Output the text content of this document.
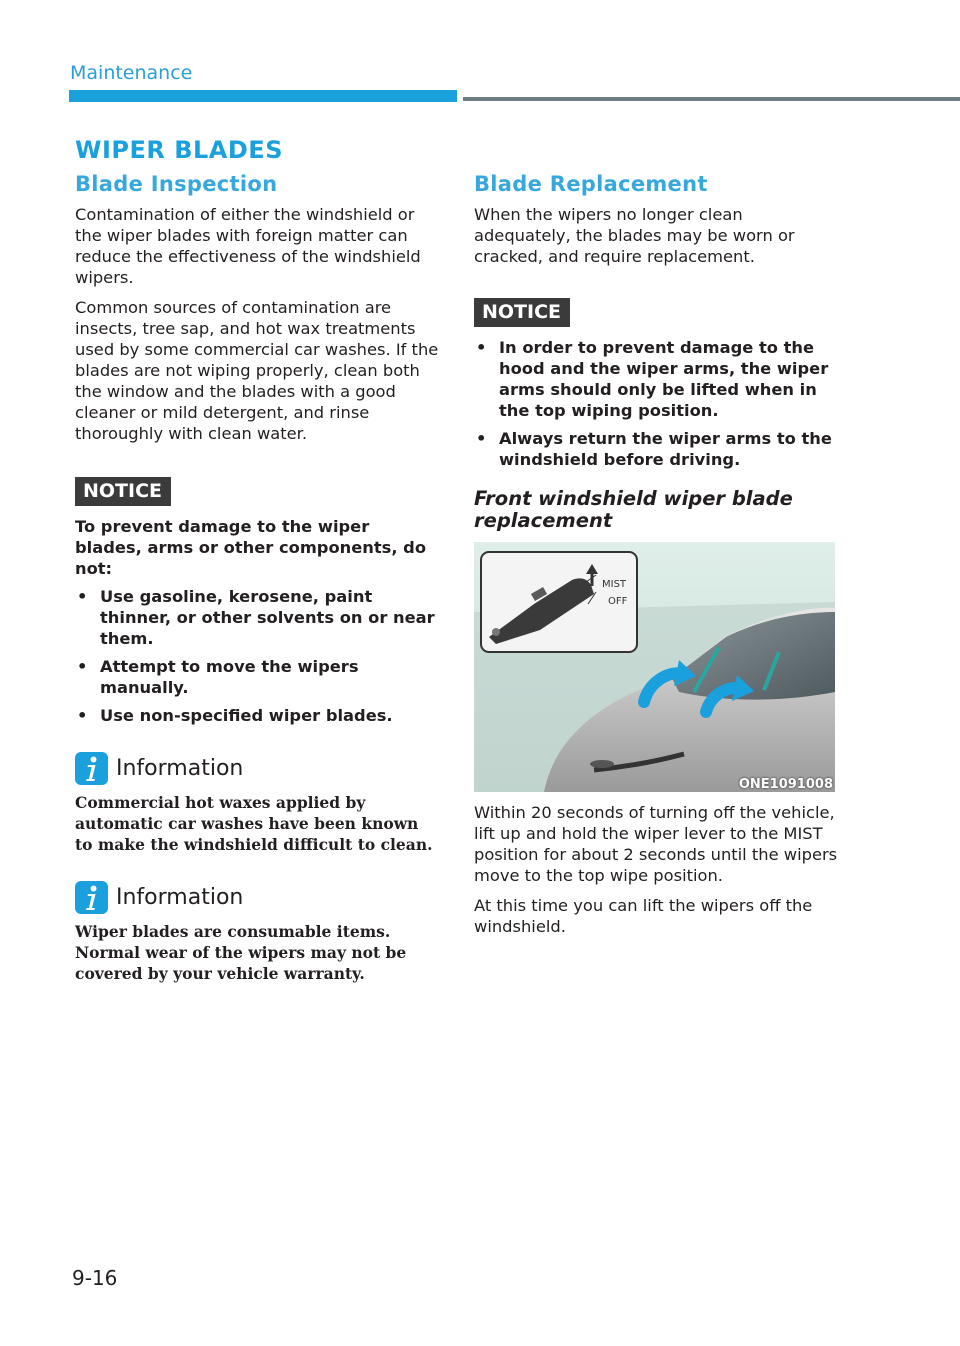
Maintenance
WIPER BLADES
Blade Inspection

Contamination of either the windshield or the wiper blades with foreign matter can reduce the effectiveness of the windshield wipers.

Common sources of contamination are insects, tree sap, and hot wax treatments used by some commercial car washes. If the blades are not wiping properly, clean both the window and the blades with a good cleaner or mild detergent, and rinse thoroughly with clean water.

NOTICE
To prevent damage to the wiper blades, arms or other components, do not:
• Use gasoline, kerosene, paint thinner, or other solvents on or near them.
• Attempt to move the wipers manually.
• Use non-specified wiper blades.
Information

Commercial hot waxes applied by automatic car washes have been known to make the windshield difficult to clean.

Information

Wiper blades are consumable items. Normal wear of the wipers may not be covered by your vehicle warranty.

Blade Replacement

When the wipers no longer clean adequately, the blades may be worn or cracked, and require replacement.

NOTICE
• In order to prevent damage to the hood and the wiper arms, the wiper arms should only be lifted when in the top wiping position.
• Always return the wiper arms to the windshield before driving.
Front windshield wiper blade replacement
MIST
OFF
ONE1091008

Within 20 seconds of turning off the vehicle, lift up and hold the wiper lever to the MIST position for about 2 seconds until the wipers move to the top wipe position.

At this time you can lift the wipers off the windshield.

9-16
